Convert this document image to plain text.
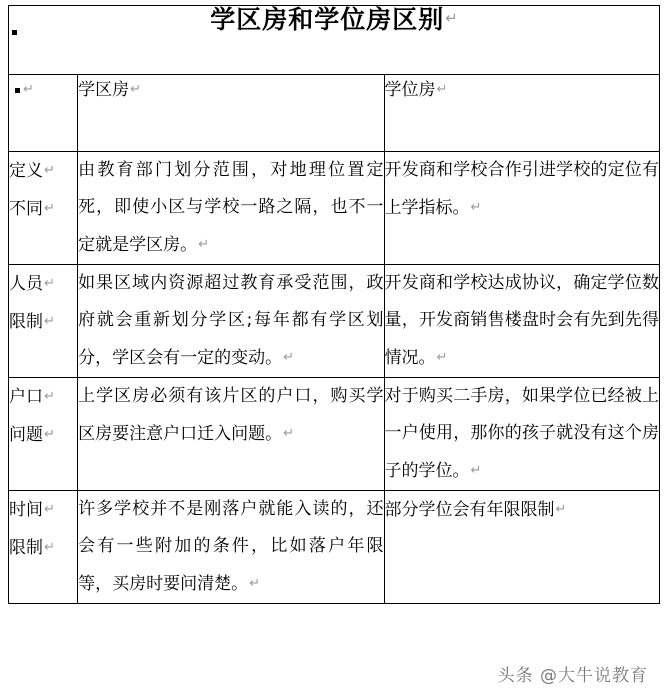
学区房和学位房区别↵		
↵	学区房↵	学位房↵

定义↵
不同↵	由教育部门划分范围，对地理位置定死，即使小区与学校一路之隔，也不一定就是学区房。↵	开发商和学校合作引进学校的定位有上学指标。↵

人员↵
限制↵	如果区域内资源超过教育承受范围，政府就会重新划分学区;每年都有学区划分，学区会有一定的变动。↵	开发商和学校达成协议，确定学位数量，开发商销售楼盘时会有先到先得情况。↵

户口↵
问题↵	上学区房必须有该片区的户口，购买学区房要注意户口迁入问题。↵	对于购买二手房，如果学位已经被上一户使用，那你的孩子就没有这个房子的学位。↵

时间↵
限制↵	许多学校并不是刚落户就能入读的，还会有一些附加的条件，比如落户年限等，买房时要问清楚。↵	部分学位会有年限限制↵
头条 @大牛说教育
